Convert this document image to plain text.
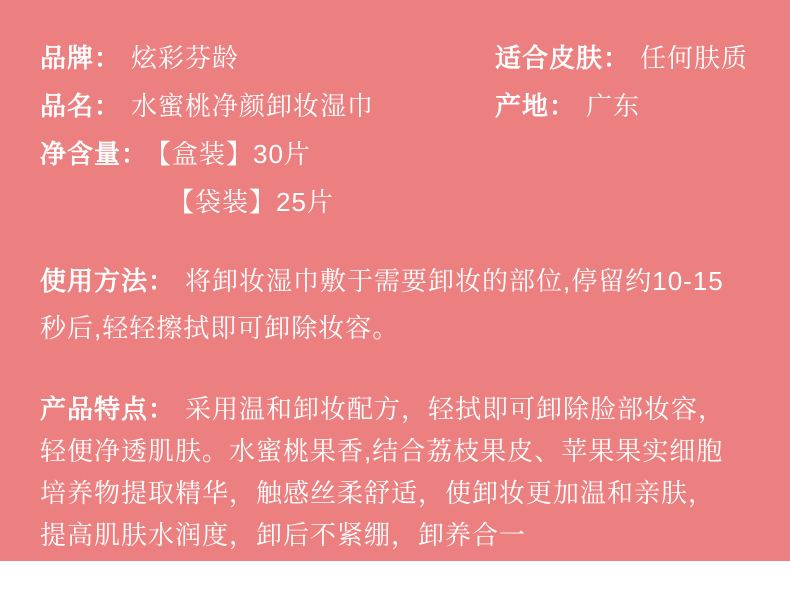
品牌： 炫彩芬龄	适合皮肤： 任何肤质
品名： 水蜜桃净颜卸妆湿巾	产地： 广东
净含量： 【盒装】30片
【袋装】25片
使用方法： 将卸妆湿巾敷于需要卸妆的部位,停留约10-15
秒后,轻轻擦拭即可卸除妆容。
产品特点： 采用温和卸妆配方，轻拭即可卸除脸部妆容，
轻便净透肌肤。水蜜桃果香,结合荔枝果皮、苹果果实细胞
培养物提取精华，触感丝柔舒适，使卸妆更加温和亲肤，
提高肌肤水润度，卸后不紧绷，卸养合一
